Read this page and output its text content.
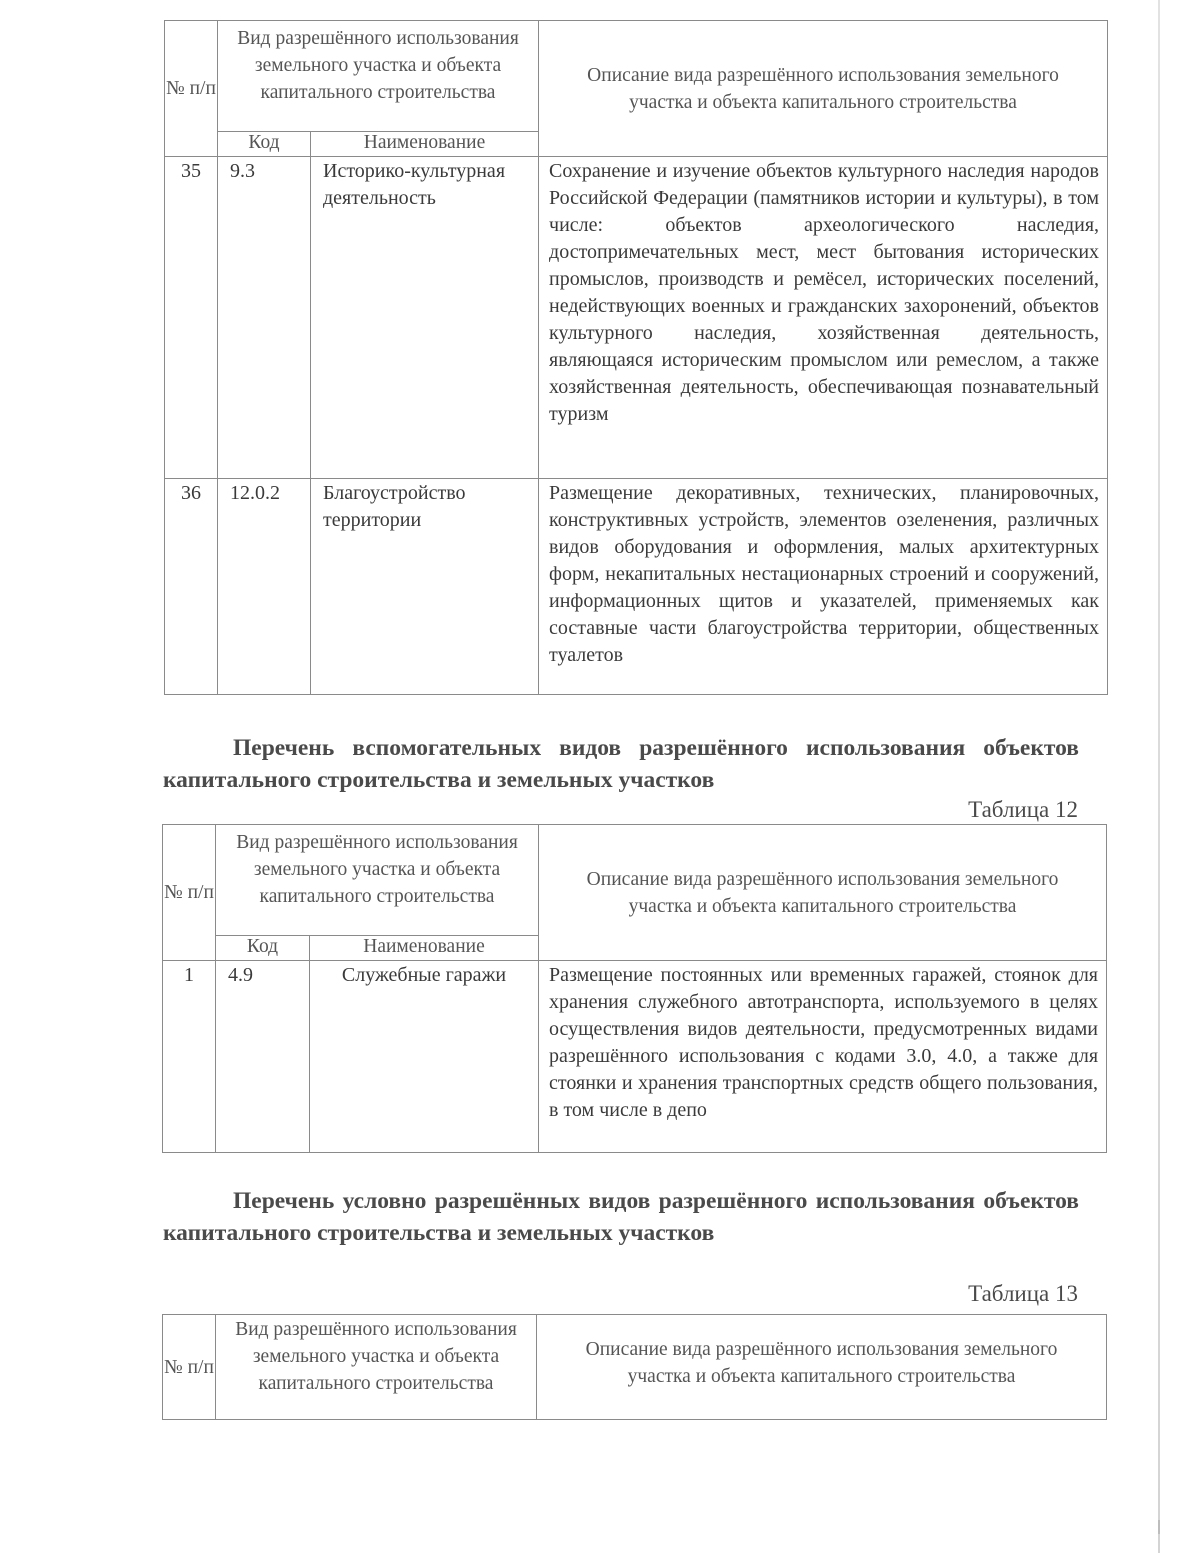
№ п/п	Вид разрешённого использования земельного участка и объекта капитального строительства		Описание вида разрешённого использования земельного участка и объекта капитального строительства
	Код	Наименование	
35	9.3	Историко-культурная деятельность	Сохранение и изучение объектов культурного наследия народов Российской Федерации (памятников истории и культуры), в том числе: объектов археологического наследия, достопримечательных мест, мест бытования исторических промыслов, производств и ремёсел, исторических поселений, недействующих военных и гражданских захоронений, объектов культурного наследия, хозяйственная деятельность, являющаяся историческим промыслом или ремеслом, а также хозяйственная деятельность, обеспечивающая познавательный туризм
36	12.0.2	Благоустройство территории	Размещение декоративных, технических, планировочных, конструктивных устройств, элементов озеленения, различных видов оборудования и оформления, малых архитектурных форм, некапитальных нестационарных строений и сооружений, информационных щитов и указателей, применяемых как составные части благоустройства территории, общественных туалетов
Перечень вспомогательных видов разрешённого использования объектов капитального строительства и земельных участков
Таблица 12
№ п/п	Вид разрешённого использования земельного участка и объекта капитального строительства		Описание вида разрешённого использования земельного участка и объекта капитального строительства
	Код	Наименование	
1	4.9	Служебные гаражи	Размещение постоянных или временных гаражей, стоянок для хранения служебного автотранспорта, используемого в целях осуществления видов деятельности, предусмотренных видами разрешённого использования с кодами 3.0, 4.0, а также для стоянки и хранения транспортных средств общего пользования, в том числе в депо
Перечень условно разрешённых видов разрешённого использования объектов капитального строительства и земельных участков
Таблица 13
№ п/п	Вид разрешённого использования земельного участка и объекта капитального строительства	Описание вида разрешённого использования земельного участка и объекта капитального строительства
